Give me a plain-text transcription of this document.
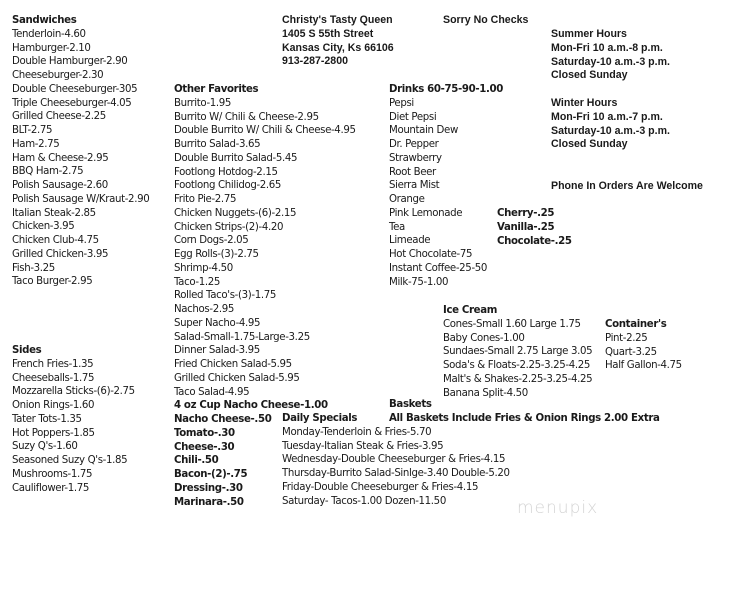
Sandwiches
Tenderloin-4.60
Hamburger-2.10
Double Hamburger-2.90
Cheeseburger-2.30
Double Cheeseburger-305
Triple Cheeseburger-4.05
Grilled Cheese-2.25
BLT-2.75
Ham-2.75
Ham & Cheese-2.95
BBQ Ham-2.75
Polish Sausage-2.60
Polish Sausage W/Kraut-2.90
Italian Steak-2.85
Chicken-3.95
Chicken Club-4.75
Grilled Chicken-3.95
Fish-3.25
Taco Burger-2.95
Sides
French Fries-1.35
Cheeseballs-1.75
Mozzarella Sticks-(6)-2.75
Onion Rings-1.60
Tater Tots-1.35
Hot Poppers-1.85
Suzy Q's-1.60
Seasoned Suzy Q's-1.85
Mushrooms-1.75
Cauliflower-1.75
Other Favorites
Burrito-1.95
Burrito W/ Chili & Cheese-2.95
Double Burrito W/ Chili & Cheese-4.95
Burrito Salad-3.65
Double Burrito Salad-5.45
Footlong Hotdog-2.15
Footlong Chilidog-2.65
Frito Pie-2.75
Chicken Nuggets-(6)-2.15
Chicken Strips-(2)-4.20
Corn Dogs-2.05
Egg Rolls-(3)-2.75
Shrimp-4.50
Taco-1.25
Rolled Taco's-(3)-1.75
Nachos-2.95
Super Nacho-4.95
Salad-Small-1.75-Large-3.25
Dinner Salad-3.95
Fried Chicken Salad-5.95
Grilled Chicken Salad-5.95
Taco Salad-4.95
4 oz Cup Nacho Cheese-1.00
Nacho Cheese-.50
Tomato-.30
Cheese-.30
Chili-.50
Bacon-(2)-.75
Dressing-.30
Marinara-.50
Daily Specials
Monday-Tenderloin & Fries-5.70
Tuesday-Italian Steak & Fries-3.95
Wednesday-Double Cheeseburger & Fries-4.15
Thursday-Burrito Salad-Sinlge-3.40 Double-5.20
Friday-Double Cheeseburger & Fries-4.15
Saturday- Tacos-1.00 Dozen-11.50
Baskets
All Baskets Include Fries & Onion Rings 2.00 Extra
Christy's Tasty Queen
1405 S 55th Street
Kansas City, Ks 66106
913-287-2800
Sorry No Checks
Summer Hours
Mon-Fri 10 a.m.-8 p.m.
Saturday-10 a.m.-3 p.m.
Closed Sunday
Winter Hours
Mon-Fri 10 a.m.-7 p.m.
Saturday-10 a.m.-3 p.m.
Closed Sunday
Phone In Orders Are Welcome
Drinks 60-75-90-1.00
Pepsi
Diet Pepsi
Mountain Dew
Dr. Pepper
Strawberry
Root Beer
Sierra Mist
Orange
Pink Lemonade
Tea
Limeade
Hot Chocolate-75
Instant Coffee-25-50
Milk-75-1.00
Cherry-.25
Vanilla-.25
Chocolate-.25
Ice Cream
Cones-Small 1.60 Large 1.75
Baby Cones-1.00
Sundaes-Small 2.75 Large 3.05
Soda's & Floats-2.25-3.25-4.25
Malt's & Shakes-2.25-3.25-4.25
Banana Split-4.50
Container's
Pint-2.25
Quart-3.25
Half Gallon-4.75
menupix
